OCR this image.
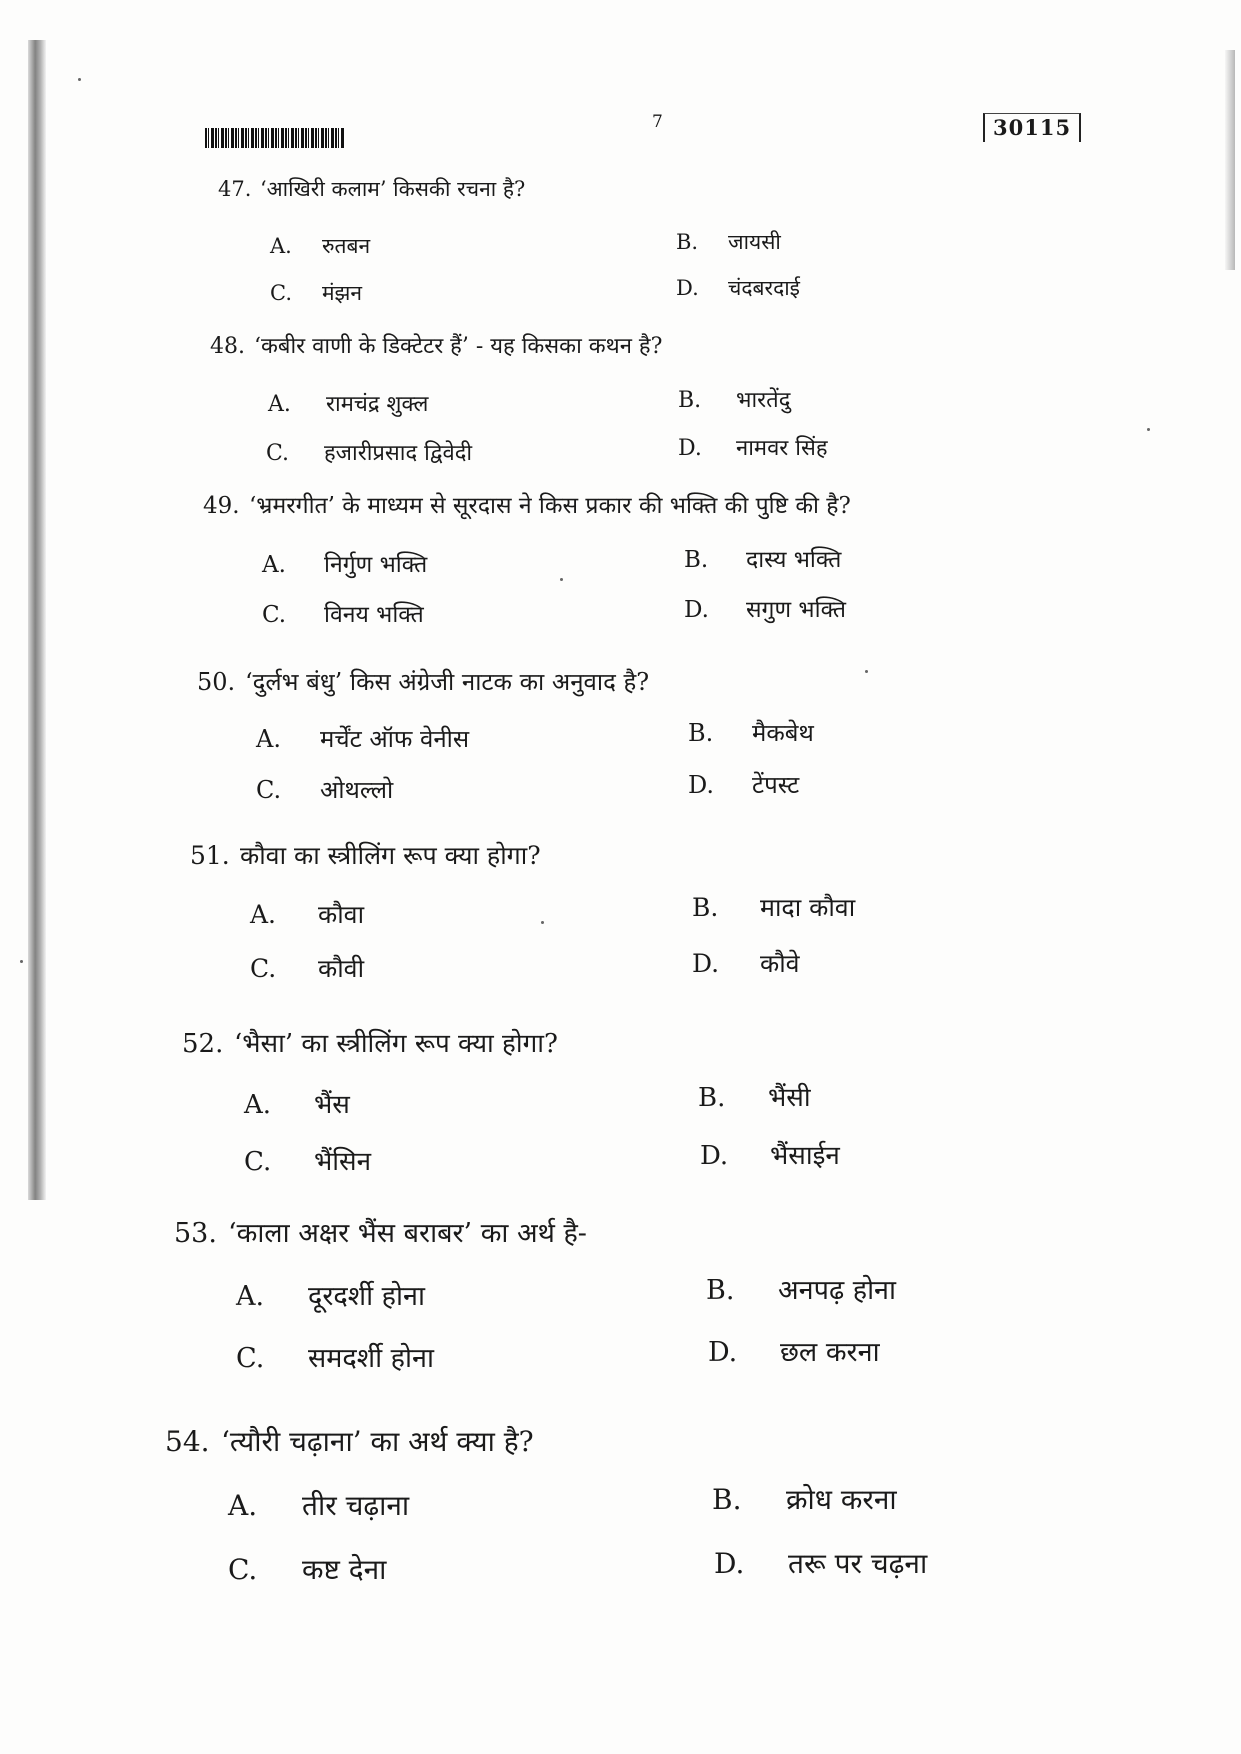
7	30115
47. ‘आखिरी कलाम’ किसकी रचना है?
A. रुतबन	B. जायसी
C. मंझन	D. चंदबरदाई
48. ‘कबीर वाणी के डिक्टेटर हैं’ - यह किसका कथन है?
A. रामचंद्र शुक्ल	B. भारतेंदु
C. हजारीप्रसाद द्विवेदी	D. नामवर सिंह
49. ‘भ्रमरगीत’ के माध्यम से सूरदास ने किस प्रकार की भक्ति की पुष्टि की है?
A. निर्गुण भक्ति	B. दास्य भक्ति
C. विनय भक्ति	D. सगुण भक्ति
50. ‘दुर्लभ बंधु’ किस अंग्रेजी नाटक का अनुवाद है?
A. मर्चेंट ऑफ वेनीस	B. मैकबेथ
C. ओथल्लो	D. टेंपस्ट
51. कौवा का स्त्रीलिंग रूप क्या होगा?
A. कौवा	B. मादा कौवा
C. कौवी	D. कौवे
52. ‘भैसा’ का स्त्रीलिंग रूप क्या होगा?
A. भैंस	B. भैंसी
C. भैंसिन	D. भैंसाईन
53. ‘काला अक्षर भैंस बराबर’ का अर्थ है-
A. दूरदर्शी होना	B. अनपढ़ होना
C. समदर्शी होना	D. छल करना
54. ‘त्यौरी चढ़ाना’ का अर्थ क्या है?
A. तीर चढ़ाना	B. क्रोध करना
C. कष्ट देना	D. तरू पर चढ़ना
